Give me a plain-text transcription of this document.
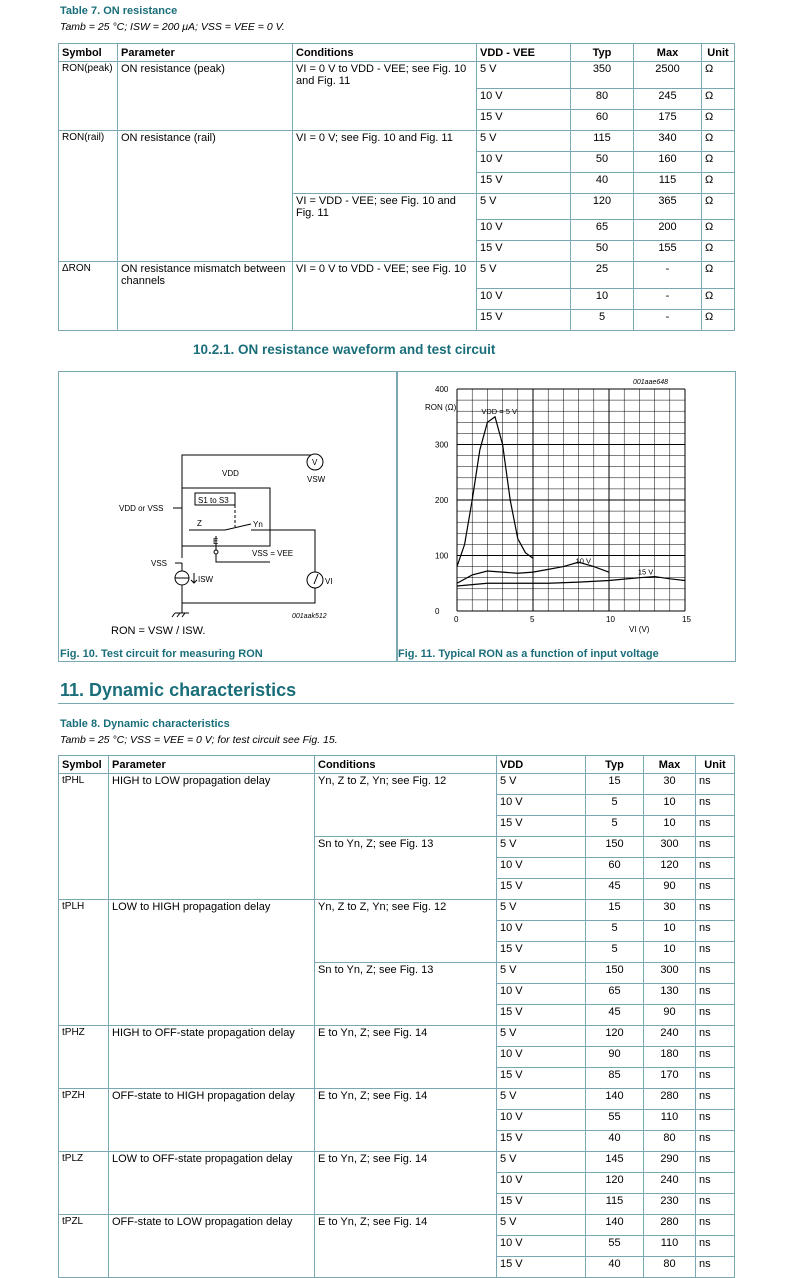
Table 7. ON resistance
Tamb = 25 °C; ISW = 200 μA; VSS = VEE = 0 V.
Symbol	Parameter	Conditions	VDD - VEE	Typ	Max	Unit
RON(peak)	ON resistance (peak)	VI = 0 V to VDD - VEE; see Fig. 10 and Fig. 11	5 V	350	2500	Ω
			10 V	80	245	Ω
			15 V	60	175	Ω
RON(rail)	ON resistance (rail)	VI = 0 V; see Fig. 10 and Fig. 11	5 V	115	340	Ω
			10 V	50	160	Ω
			15 V	40	115	Ω
		VI = VDD - VEE; see Fig. 10 and Fig. 11	5 V	120	365	Ω
			10 V	65	200	Ω
			15 V	50	155	Ω
ΔRON	ON resistance mismatch between channels	VI = 0 V to VDD - VEE; see Fig. 10	5 V	25	-	Ω
			10 V	10	-	Ω
			15 V	5	-	Ω
10.2.1. ON resistance waveform and test circuit
V
VSW
VDD
S1 to S3
Z	Yn
E
VDD or VSS
VSS
VSS = VEE
ISW	VI
001aak512
RON = VSW / ISW.
Fig. 10. Test circuit for measuring RON
0	5	10	15
0
100
200
300
400
RON (Ω)
VI (V)
001aae648
VDD = 5 V
10 V
15 V
Fig. 11. Typical RON as a function of input voltage
11. Dynamic characteristics
Table 8. Dynamic characteristics
Tamb = 25 °C; VSS = VEE = 0 V; for test circuit see Fig. 15.
Symbol	Parameter	Conditions	VDD	Typ	Max	Unit
tPHL	HIGH to LOW propagation delay	Yn, Z to Z, Yn; see Fig. 12	5 V	15	30	ns
			10 V	5	10	ns
			15 V	5	10	ns
		Sn to Yn, Z; see Fig. 13	5 V	150	300	ns
			10 V	60	120	ns
			15 V	45	90	ns
tPLH	LOW to HIGH propagation delay	Yn, Z to Z, Yn; see Fig. 12	5 V	15	30	ns
			10 V	5	10	ns
			15 V	5	10	ns
		Sn to Yn, Z; see Fig. 13	5 V	150	300	ns
			10 V	65	130	ns
			15 V	45	90	ns
tPHZ	HIGH to OFF-state propagation delay	E to Yn, Z; see Fig. 14	5 V	120	240	ns
			10 V	90	180	ns
			15 V	85	170	ns
tPZH	OFF-state to HIGH propagation delay	E to Yn, Z; see Fig. 14	5 V	140	280	ns
			10 V	55	110	ns
			15 V	40	80	ns
tPLZ	LOW to OFF-state propagation delay	E to Yn, Z; see Fig. 14	5 V	145	290	ns
			10 V	120	240	ns
			15 V	115	230	ns
tPZL	OFF-state to LOW propagation delay	E to Yn, Z; see Fig. 14	5 V	140	280	ns
			10 V	55	110	ns
			15 V	40	80	ns
